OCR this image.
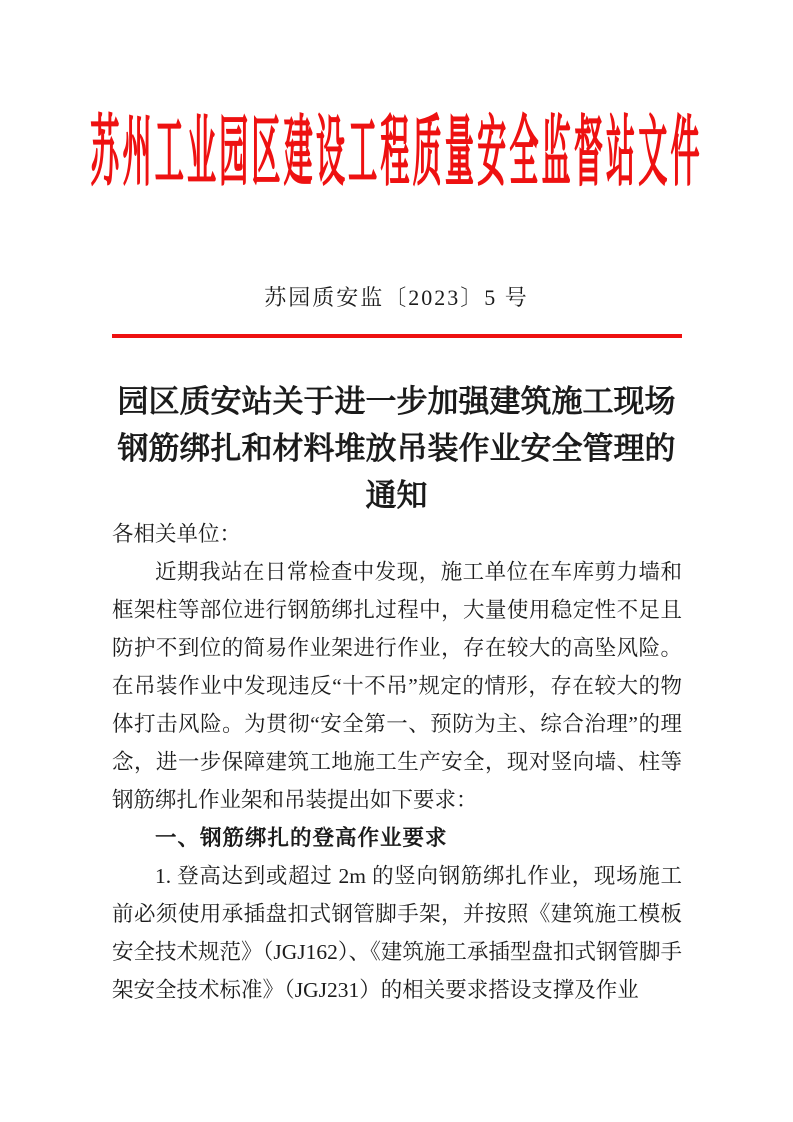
苏州工业园区建设工程质量安全监督站文件
苏园质安监〔2023〕5 号
园区质安站关于进一步加强建筑施工现场
钢筋绑扎和材料堆放吊装作业安全管理的
通知

各相关单位：

近期我站在日常检查中发现，施工单位在车库剪力墙和框架柱等部位进行钢筋绑扎过程中，大量使用稳定性不足且防护不到位的简易作业架进行作业，存在较大的高坠风险。在吊装作业中发现违反“十不吊”规定的情形，存在较大的物体打击风险。为贯彻“安全第一、预防为主、综合治理”的理念，进一步保障建筑工地施工生产安全，现对竖向墙、柱等钢筋绑扎作业架和吊装提出如下要求：

一、钢筋绑扎的登高作业要求

1. 登高达到或超过 2m 的竖向钢筋绑扎作业，现场施工前必须使用承插盘扣式钢管脚手架，并按照《建筑施工模板安全技术规范》（JGJ162）、《建筑施工承插型盘扣式钢管脚手架安全技术标准》（JGJ231）的相关要求搭设支撑及作业
